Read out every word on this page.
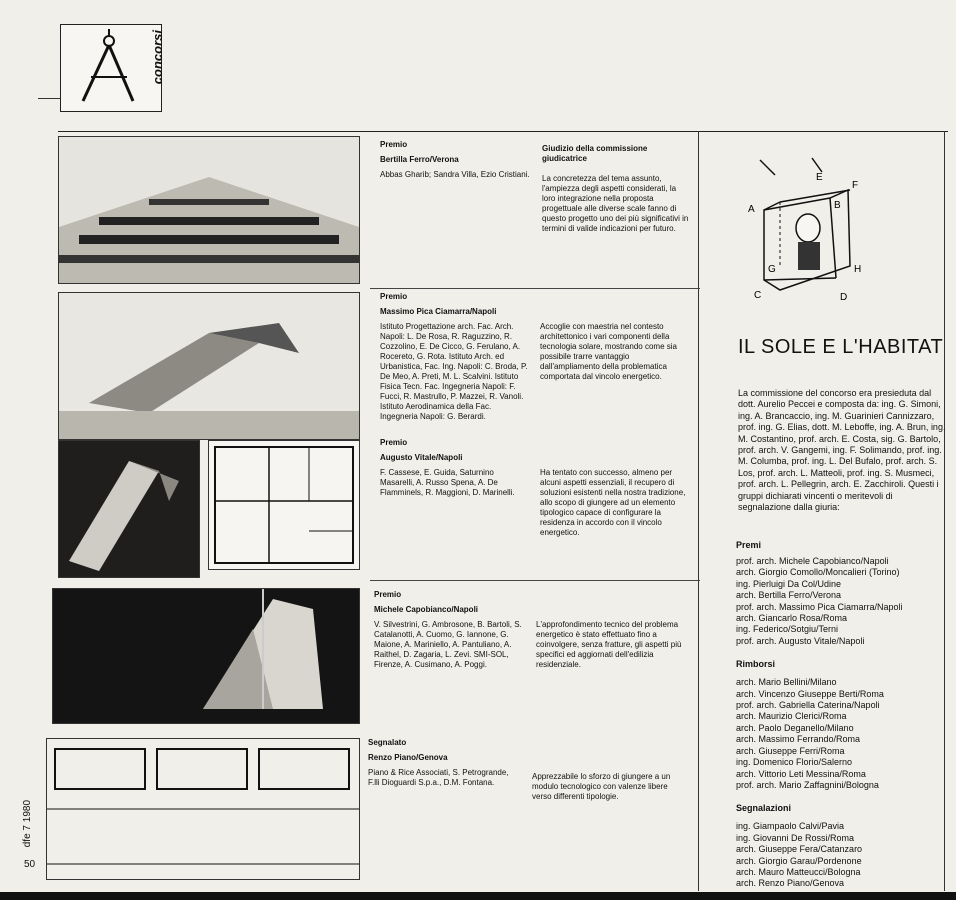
concorsi
Premio
Bertilla Ferro/Verona
Abbas Gharib; Sandra Villa, Ezio Cristiani.
Giudizio della commissione giudicatrice
La concretezza del tema assunto, l'ampiezza degli aspetti considerati, la loro integrazione nella proposta progettuale alle diverse scale fanno di questo progetto uno dei più significativi in termini di valide indicazioni per futuro.
Premio
Massimo Pica Ciamarra/Napoli
Istituto Progettazione arch. Fac. Arch. Napoli: L. De Rosa, R. Raguzzino, R. Cozzolino, E. De Cicco, G. Ferulano, A. Rocereto, G. Rota. Istituto Arch. ed Urbanistica, Fac. Ing. Napoli: C. Broda, P. De Meo, A. Preti, M. L. Scalvini. Istituto Fisica Tecn. Fac. Ingegneria Napoli: F. Fucci, R. Mastrullo, P. Mazzei, R. Vanoli. Istituto Aerodinamica della Fac. Ingegneria Napoli: G. Berardi.
Accoglie con maestria nel contesto architettonico i vari componenti della tecnologia solare, mostrando come sia possibile trarre vantaggio dall'ampliamento della problematica comportata dal vincolo energetico.
Premio
Augusto Vitale/Napoli
F. Cassese, E. Guida, Saturnino Masarelli, A. Russo Spena, A. De Flamminels, R. Maggioni, D. Marinelli.
Ha tentato con successo, almeno per alcuni aspetti essenziali, il recupero di soluzioni esistenti nella nostra tradizione, allo scopo di giungere ad un elemento tipologico capace di configurare la residenza in accordo con il vincolo energetico.
Premio
Michele Capobianco/Napoli
V. Silvestrini, G. Ambrosone, B. Bartoli, S. Catalanotti, A. Cuomo, G. Iannone, G. Maione, A. Mariniello, A. Pantuliano, A. Raithel, D. Zagaria, L. Zevi. SMI-SOL, Firenze, A. Cusimano, A. Poggi.
L'approfondimento tecnico del problema energetico è stato effettuato fino a coinvolgere, senza fratture, gli aspetti più specifici ed aggiornati dell'edilizia residenziale.
Segnalato
Renzo Piano/Genova
Piano & Rice Associati, S. Petrogrande, F.lli Dioguardi S.p.a., D.M. Fontana.
Apprezzabile lo sforzo di giungere a un modulo tecnologico con valenze libere verso differenti tipologie.
A	B
C	D
E
F
G	H
IL SOLE E L'HABITAT
La commissione del concorso era presieduta dal dott. Aurelio Peccei e composta da: ing. G. Simoni, ing. A. Brancaccio, ing. M. Guarinieri Cannizzaro, prof. ing. G. Elias, dott. M. Leboffe, ing. A. Brun, ing. M. Costantino, prof. arch. E. Costa, sig. G. Bartolo, prof. arch. V. Gangemi, ing. F. Solimando, prof. ing. M. Columba, prof. ing. L. Del Bufalo, prof. arch. S. Los, prof. arch. L. Matteoli, prof. ing. S. Musmeci, prof. arch. L. Pellegrin, arch. E. Zacchiroli. Questi i gruppi dichiarati vincenti o meritevoli di segnalazione dalla giuria:
Premi
prof. arch. Michele Capobianco/Napoli
arch. Giorgio Comollo/Moncalieri (Torino)
ing. Pierluigi Da Col/Udine
arch. Bertilla Ferro/Verona
prof. arch. Massimo Pica Ciamarra/Napoli
arch. Giancarlo Rosa/Roma
ing. Federico/Sotgiu/Terni
prof. arch. Augusto Vitale/Napoli
Rimborsi
arch. Mario Bellini/Milano
arch. Vincenzo Giuseppe Berti/Roma
prof. arch. Gabriella Caterina/Napoli
arch. Maurizio Clerici/Roma
arch. Paolo Deganello/Milano
arch. Massimo Ferrando/Roma
arch. Giuseppe Ferri/Roma
ing. Domenico Florio/Salerno
arch. Vittorio Leti Messina/Roma
prof. arch. Mario Zaffagnini/Bologna
Segnalazioni
ing. Giampaolo Calvi/Pavia
ing. Giovanni De Rossi/Roma
arch. Giuseppe Fera/Catanzaro
arch. Giorgio Garau/Pordenone
arch. Mauro Matteucci/Bologna
arch. Renzo Piano/Genova
dfe 7 1980
50
